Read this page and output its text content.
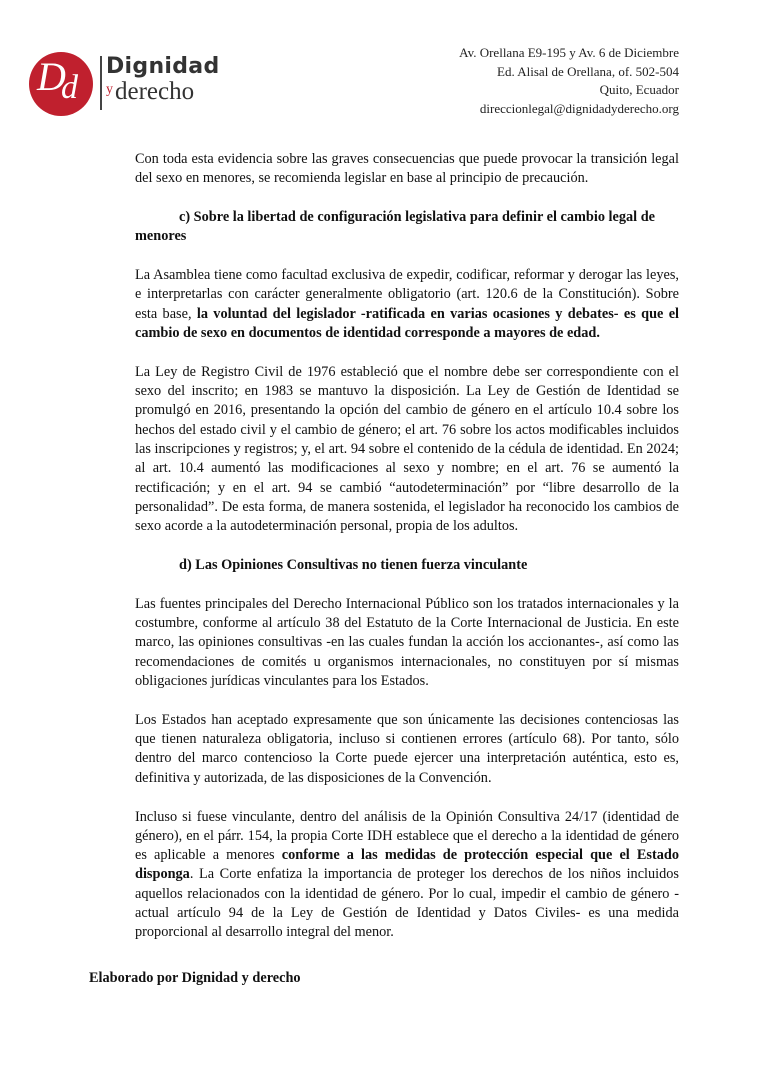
D
d
Dignidad
y derecho
Av. Orellana E9-195 y Av. 6 de Diciembre
Ed. Alisal de Orellana, of. 502-504
Quito, Ecuador
direccionlegal@dignidadyderecho.org

Con toda esta evidencia sobre las graves consecuencias que puede provocar la transición legal del sexo en menores, se recomienda legislar en base al principio de precaución.

c) Sobre la libertad de configuración legislativa para definir el cambio legal de menores

La Asamblea tiene como facultad exclusiva de expedir, codificar, reformar y derogar las leyes, e interpretarlas con carácter generalmente obligatorio (art. 120.6 de la Constitución). Sobre esta base, la voluntad del legislador -ratificada en varias ocasiones y debates- es que el cambio de sexo en documentos de identidad corresponde a mayores de edad.

La Ley de Registro Civil de 1976 estableció que el nombre debe ser correspondiente con el sexo del inscrito; en 1983 se mantuvo la disposición. La Ley de Gestión de Identidad se promulgó en 2016, presentando la opción del cambio de género en el artículo 10.4 sobre los hechos del estado civil y el cambio de género; el art. 76 sobre los actos modificables incluidos las inscripciones y registros; y, el art. 94 sobre el contenido de la cédula de identidad. En 2024; al art. 10.4 aumentó las modificaciones al sexo y nombre; en el art. 76 se aumentó la rectificación; y en el art. 94 se cambió “autodeterminación” por “libre desarrollo de la personalidad”. De esta forma, de manera sostenida, el legislador ha reconocido los cambios de sexo acorde a la autodeterminación personal, propia de los adultos.

d) Las Opiniones Consultivas no tienen fuerza vinculante

Las fuentes principales del Derecho Internacional Público son los tratados internacionales y la costumbre, conforme al artículo 38 del Estatuto de la Corte Internacional de Justicia. En este marco, las opiniones consultivas -en las cuales fundan la acción los accionantes-, así como las recomendaciones de comités u organismos internacionales, no constituyen por sí mismas obligaciones jurídicas vinculantes para los Estados.

Los Estados han aceptado expresamente que son únicamente las decisiones contenciosas las que tienen naturaleza obligatoria, incluso si contienen errores (artículo 68). Por tanto, sólo dentro del marco contencioso la Corte puede ejercer una interpretación auténtica, esto es, definitiva y autorizada, de las disposiciones de la Convención.

Incluso si fuese vinculante, dentro del análisis de la Opinión Consultiva 24/17 (identidad de género), en el párr. 154, la propia Corte IDH establece que el derecho a la identidad de género es aplicable a menores conforme a las medidas de protección especial que el Estado disponga. La Corte enfatiza la importancia de proteger los derechos de los niños incluidos aquellos relacionados con la identidad de género. Por lo cual, impedir el cambio de género -actual artículo 94 de la Ley de Gestión de Identidad y Datos Civiles- es una medida proporcional al desarrollo integral del menor.

Elaborado por Dignidad y derecho
